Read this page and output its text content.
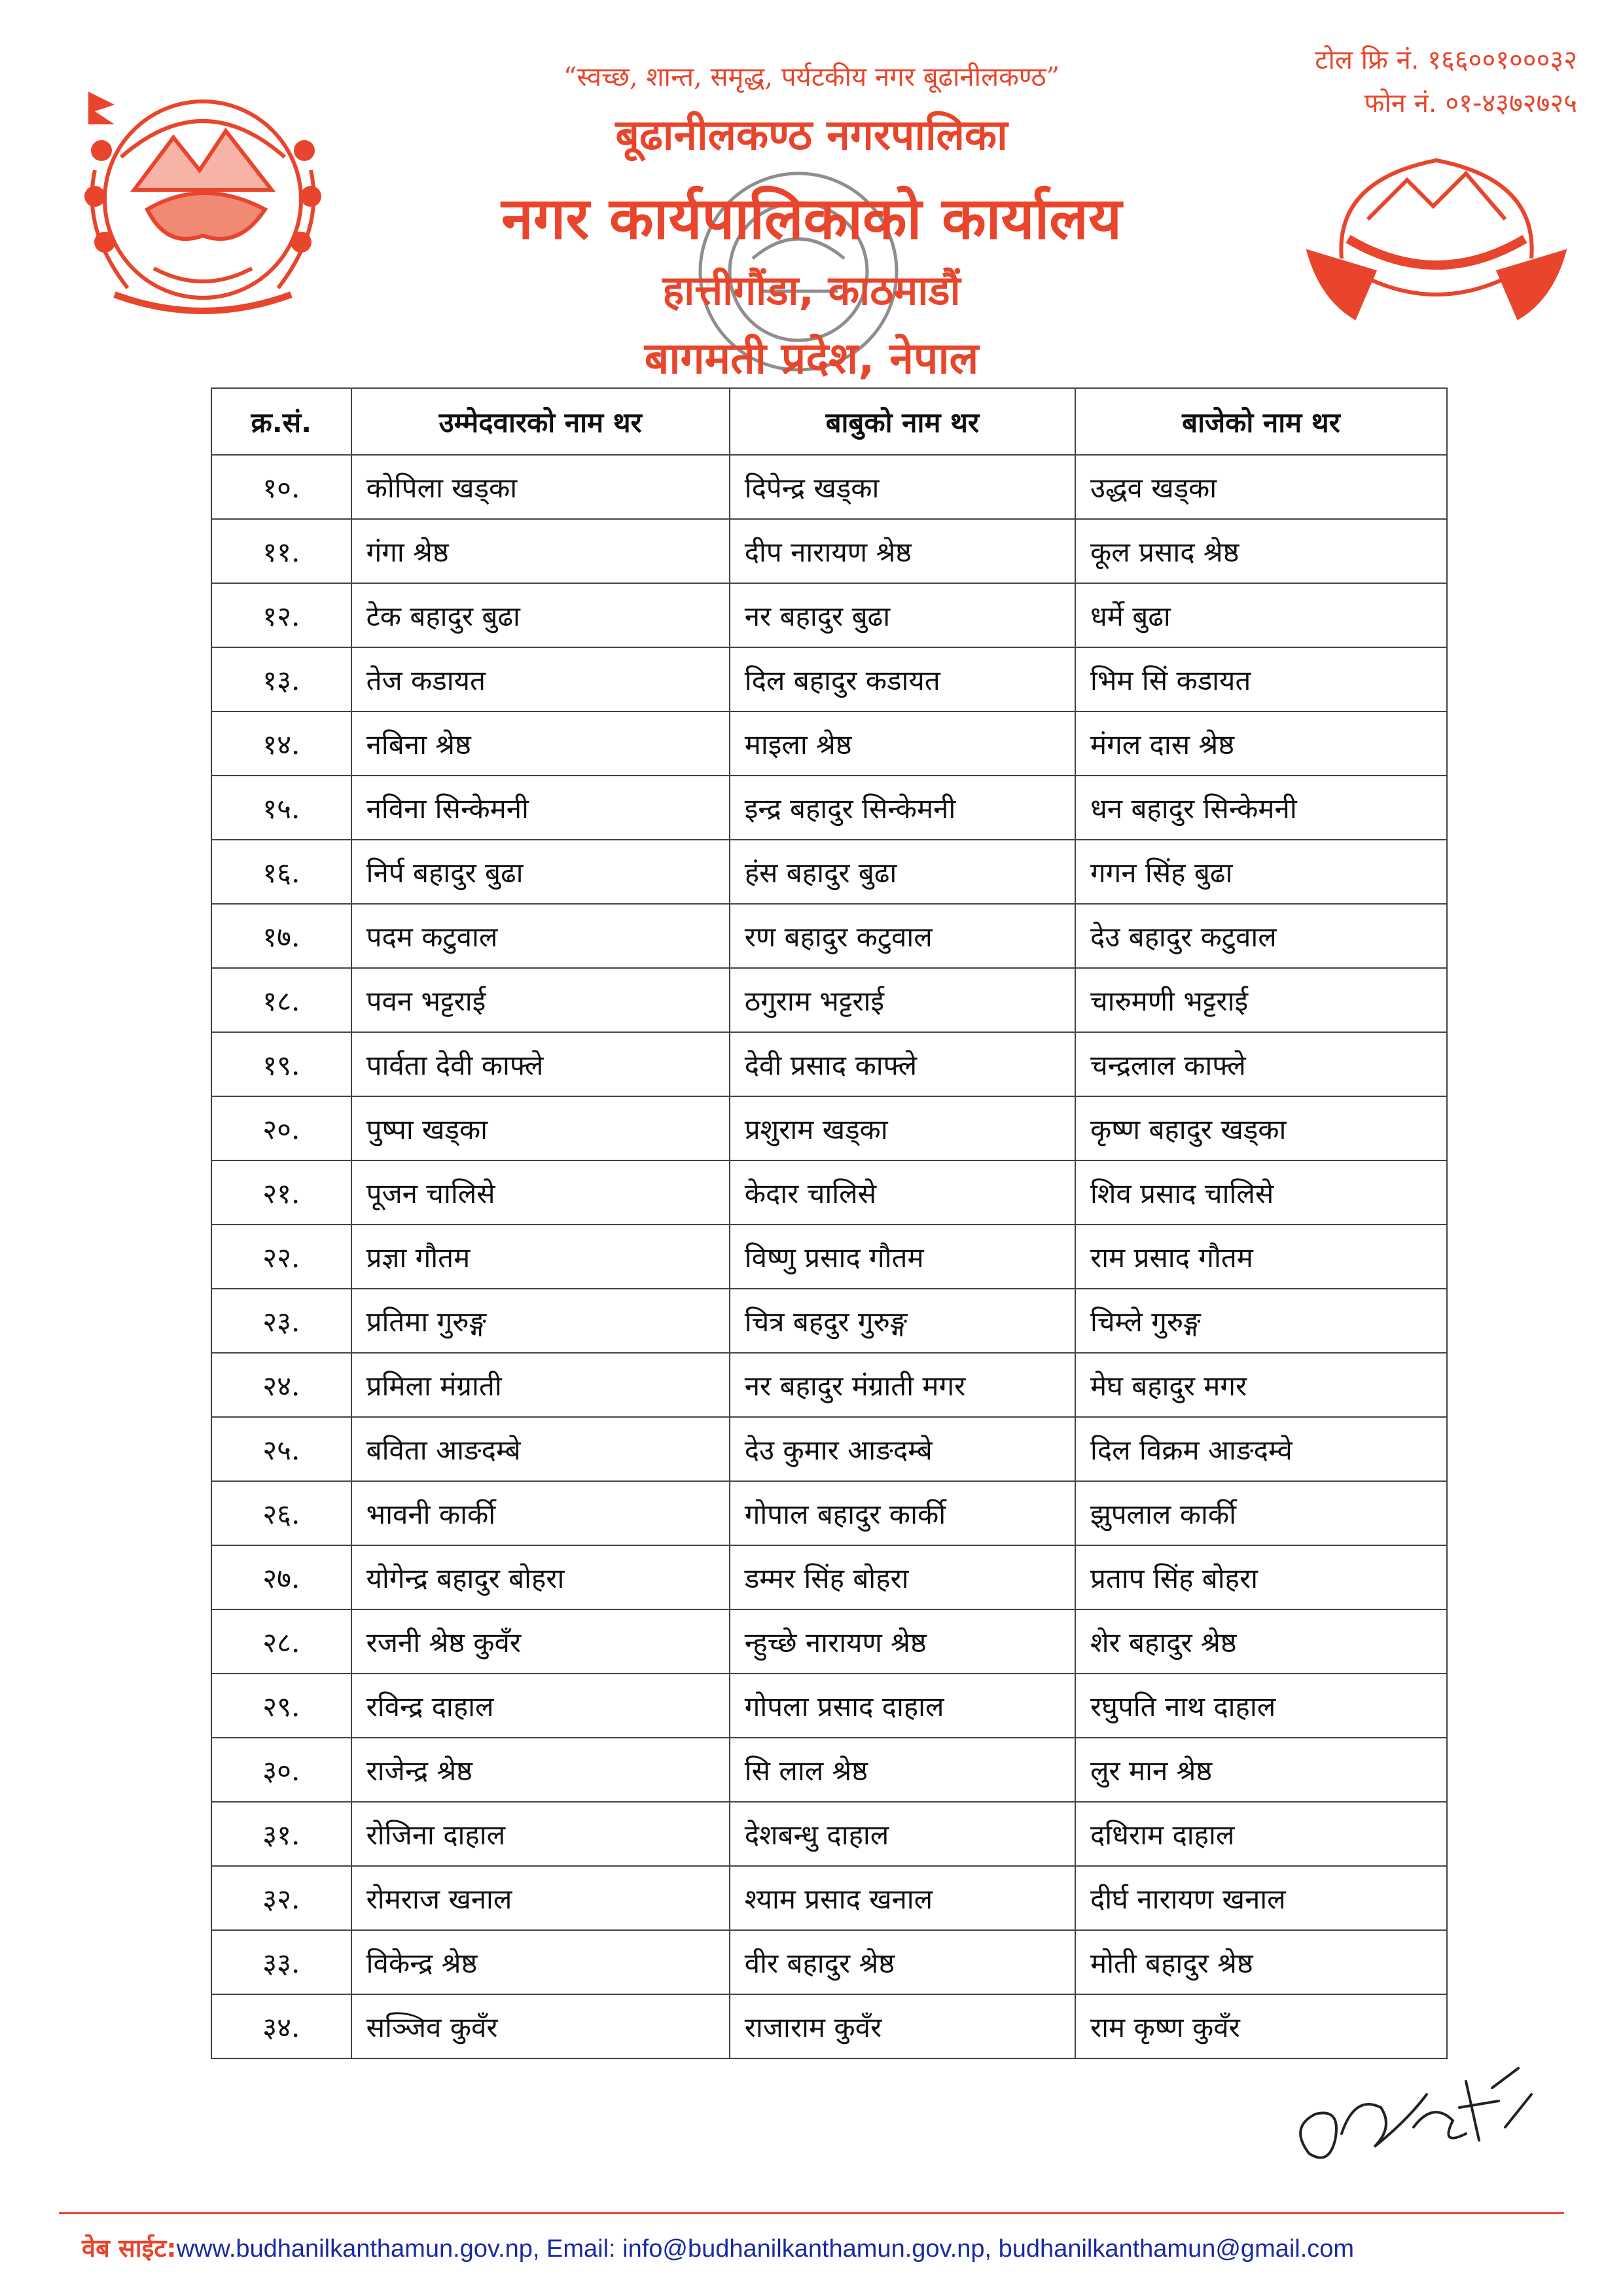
“स्वच्छ, शान्त, समृद्ध, पर्यटकीय नगर बूढानीलकण्ठ”
बूढानीलकण्ठ नगरपालिका
नगर कार्यपालिकाको कार्यालय
हात्तीगौंडा, काठमाडौं
बागमती प्रदेश, नेपाल
टोल फ्रि नं. १६६००१०००३२
फोन नं. ०१-४३७२७२५
क्र.सं.	उम्मेदवारको नाम थर	बाबुको नाम थर	बाजेको नाम थर
१०.	कोपिला खड्का	दिपेन्द्र खड्का	उद्धव खड्का
११.	गंगा श्रेष्ठ	दीप नारायण श्रेष्ठ	कूल प्रसाद श्रेष्ठ
१२.	टेक बहादुर बुढा	नर बहादुर बुढा	धर्मे बुढा
१३.	तेज कडायत	दिल बहादुर कडायत	भिम सिं कडायत
१४.	नबिना श्रेष्ठ	माइला श्रेष्ठ	मंगल दास श्रेष्ठ
१५.	नविना सिन्केमनी	इन्द्र बहादुर सिन्केमनी	धन बहादुर सिन्केमनी
१६.	निर्प बहादुर बुढा	हंस बहादुर बुढा	गगन सिंह बुढा
१७.	पदम कटुवाल	रण बहादुर कटुवाल	देउ बहादुर कटुवाल
१८.	पवन भट्टराई	ठगुराम भट्टराई	चारुमणी भट्टराई
१९.	पार्वता देवी काफ्ले	देवी प्रसाद काफ्ले	चन्द्रलाल काफ्ले
२०.	पुष्पा खड्का	प्रशुराम खड्का	कृष्ण बहादुर खड्का
२१.	पूजन चालिसे	केदार चालिसे	शिव प्रसाद चालिसे
२२.	प्रज्ञा गौतम	विष्णु प्रसाद गौतम	राम प्रसाद गौतम
२३.	प्रतिमा गुरुङ्ग	चित्र बहदुर गुरुङ्ग	चिम्ले गुरुङ्ग
२४.	प्रमिला मंग्राती	नर बहादुर मंग्राती मगर	मेघ बहादुर मगर
२५.	बविता आङदम्बे	देउ कुमार आङदम्बे	दिल विक्रम आङदम्वे
२६.	भावनी कार्की	गोपाल बहादुर कार्की	झुपलाल कार्की
२७.	योगेन्द्र बहादुर बोहरा	डम्मर सिंह बोहरा	प्रताप सिंह बोहरा
२८.	रजनी श्रेष्ठ कुवँर	न्हुच्छे नारायण श्रेष्ठ	शेर बहादुर श्रेष्ठ
२९.	रविन्द्र दाहाल	गोपला प्रसाद दाहाल	रघुपति नाथ दाहाल
३०.	राजेन्द्र श्रेष्ठ	सि लाल श्रेष्ठ	लुर मान श्रेष्ठ
३१.	रोजिना दाहाल	देशबन्धु दाहाल	दधिराम दाहाल
३२.	रोमराज खनाल	श्याम प्रसाद खनाल	दीर्घ नारायण खनाल
३३.	विकेन्द्र श्रेष्ठ	वीर बहादुर श्रेष्ठ	मोती बहादुर श्रेष्ठ
३४.	सञ्जिव कुवँर	राजाराम कुवँर	राम कृष्ण कुवँर
वेब साईट:www.budhanilkanthamun.gov.np, Email: info@budhanilkanthamun.gov.np, budhanilkanthamun@gmail.com
